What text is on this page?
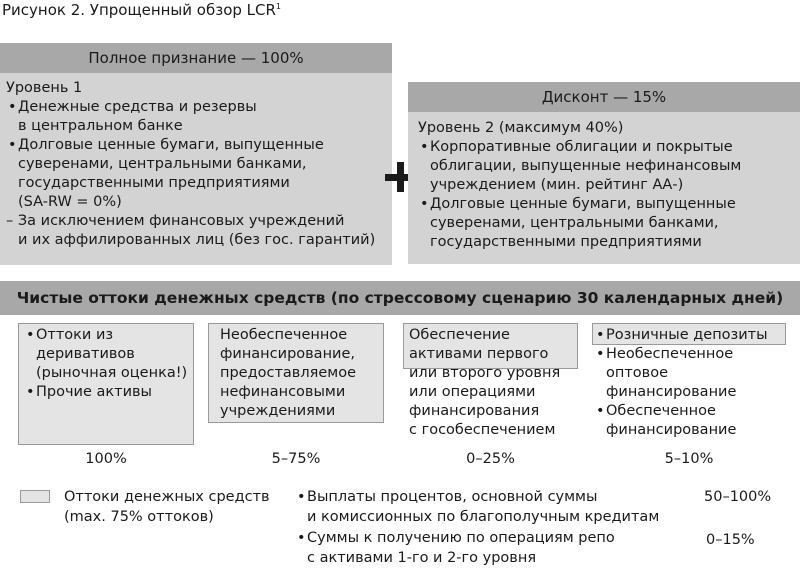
Рисунок 2. Упрощенный обзор LCR$^1$
Полное признание — 100%
Уровень 1
• Денежные средства и резервы
в центральном банке
• Долговые ценные бумаги, выпущенные
суверенами, центральными банками,
государственными предприятиями
(SA-RW = 0%)
– За исключением финансовых учреждений
и их аффилированных лиц (без гос. гарантий)
Дисконт — 15%
Уровень 2 (максимум 40%)
• Корпоративные облигации и покрытые
облигации, выпущенные нефинансовым
учреждением (мин. рейтинг АА-)
• Долговые ценные бумаги, выпущенные
суверенами, центральными банками,
государственными предприятиями
Чистые оттоки денежных средств (по стрессовому сценарию 30 календарных дней)
• Оттоки из
деривативов
(рыночная оценка!)
• Прочие активы
Необеспеченное
финансирование,
предоставляемое
нефинансовыми
учреждениями
Обеспечение
активами первого
или второго уровня
или операциями
финансирования
с гособеспечением
• Розничные депозиты
• Необеспеченное
оптовое
финансирование
• Обеспеченное
финансирование
100%	5–75%	0–25%	5–10%
Оттоки денежных средств
(max. 75% оттоков)
• Выплаты процентов, основной суммы
и комиссионных по благополучным кредитам
50–100%
• Суммы к получению по операциям репо
с активами 1-го и 2-го уровня
0–15%
